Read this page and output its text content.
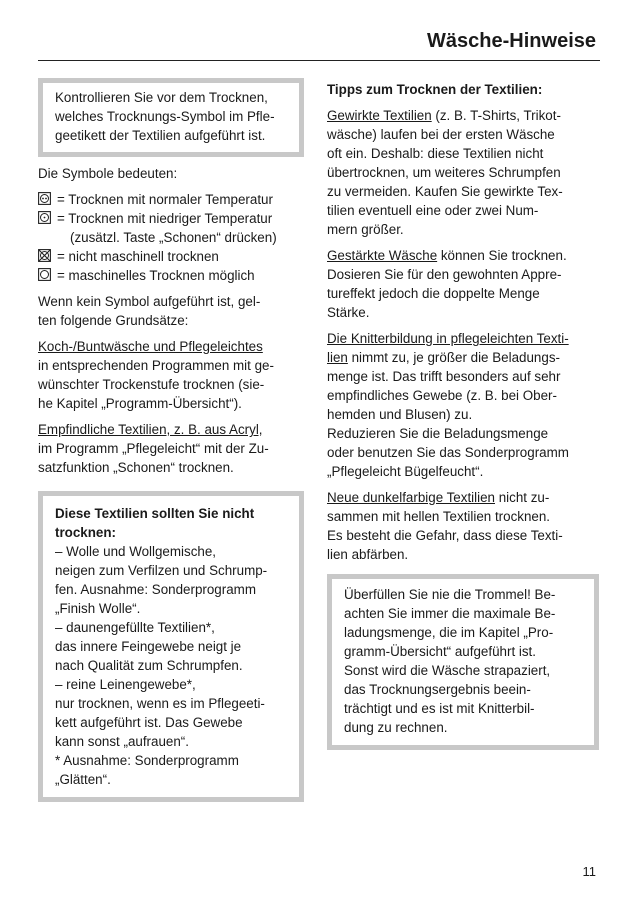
Wäsche-Hinweise
Kontrollieren Sie vor dem Trocknen,
welches Trocknungs-Symbol im Pfle-
geetikett der Textilien aufgeführt ist.
Die Symbole bedeuten:
= Trocknen mit normaler Temperatur
= Trocknen mit niedriger Temperatur
(zusätzl. Taste „Schonen“ drücken)
= nicht maschinell trocknen
= maschinelles Trocknen möglich
Wenn kein Symbol aufgeführt ist, gel-
ten folgende Grundsätze:
Koch-/Buntwäsche und Pflegeleichtes
in entsprechenden Programmen mit ge-
wünschter Trockenstufe trocknen (sie-
he Kapitel „Programm-Übersicht“).
Empfindliche Textilien, z. B. aus Acryl,
im Programm „Pflegeleicht“ mit der Zu-
satzfunktion „Schonen“ trocknen.
Diese Textilien sollten Sie nicht
trocknen:
– Wolle und Wollgemische,
neigen zum Verfilzen und Schrump-
fen. Ausnahme: Sonderprogramm
„Finish Wolle“.
– daunengefüllte Textilien*,
das innere Feingewebe neigt je
nach Qualität zum Schrumpfen.
– reine Leinengewebe*,
nur trocknen, wenn es im Pflegeeti-
kett aufgeführt ist. Das Gewebe
kann sonst „aufrauen“.
* Ausnahme: Sonderprogramm
„Glätten“.
Tipps zum Trocknen der Textilien:
Gewirkte Textilien (z. B. T-Shirts, Trikot-
wäsche) laufen bei der ersten Wäsche
oft ein. Deshalb: diese Textilien nicht
übertrocknen, um weiteres Schrumpfen
zu vermeiden. Kaufen Sie gewirkte Tex-
tilien eventuell eine oder zwei Num-
mern größer.
Gestärkte Wäsche können Sie trocknen.
Dosieren Sie für den gewohnten Appre-
tureffekt jedoch die doppelte Menge
Stärke.
Die Knitterbildung in pflegeleichten Texti-
lien nimmt zu, je größer die Beladungs-
menge ist. Das trifft besonders auf sehr
empfindliches Gewebe (z. B. bei Ober-
hemden und Blusen) zu.
Reduzieren Sie die Beladungsmenge
oder benutzen Sie das Sonderprogramm
„Pflegeleicht Bügelfeucht“.
Neue dunkelfarbige Textilien nicht zu-
sammen mit hellen Textilien trocknen.
Es besteht die Gefahr, dass diese Texti-
lien abfärben.
Überfüllen Sie nie die Trommel! Be-
achten Sie immer die maximale Be-
ladungsmenge, die im Kapitel „Pro-
gramm-Übersicht“ aufgeführt ist.
Sonst wird die Wäsche strapaziert,
das Trocknungsergebnis beein-
trächtigt und es ist mit Knitterbil-
dung zu rechnen.
11
